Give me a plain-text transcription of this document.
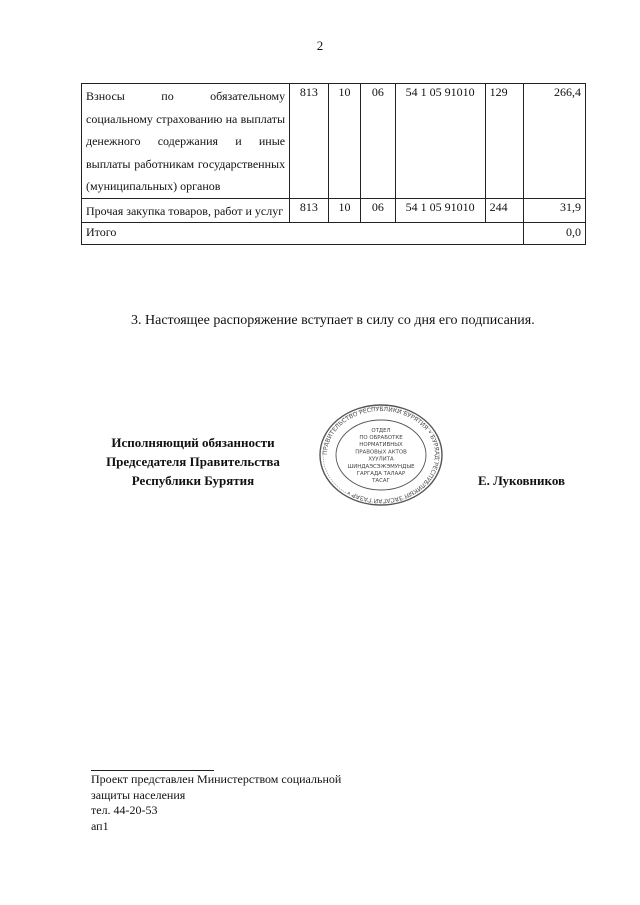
2
Взносы по обязательному социальному страхованию на выплаты денежного содержания и иные выплаты работникам государственных (муниципальных) органов	813	10	06	54 1 05 91010	129	266,4
Прочая закупка товаров, работ и услуг	813	10	06	54 1 05 91010	244	31,9
Итого						0,0
3. Настоящее распоряжение вступает в силу со дня его подписания.
Исполняющий обязанности
Председателя Правительства
Республики Бурятия
ПРАВИТЕЛЬСТВО РЕСПУБЛИКИ БУРЯТИЯ • БУРЯАД РЕСПУБЛИКЫН ЗАСАГАЙ ГАЗАР •
ОТДЕЛ
ПО ОБРАБОТКЕ
НОРМАТИВНЫХ
ПРАВОВЫХ АКТОВ
ХУУЛИТА
ШИНДАЭСЭЖЭМУНДЫЕ
ГАРГАДА ТАЛААР
ТАСАГ	Е. Луковников
Проект представлен Министерством социальной
защиты населения
тел. 44-20-53
ап1
